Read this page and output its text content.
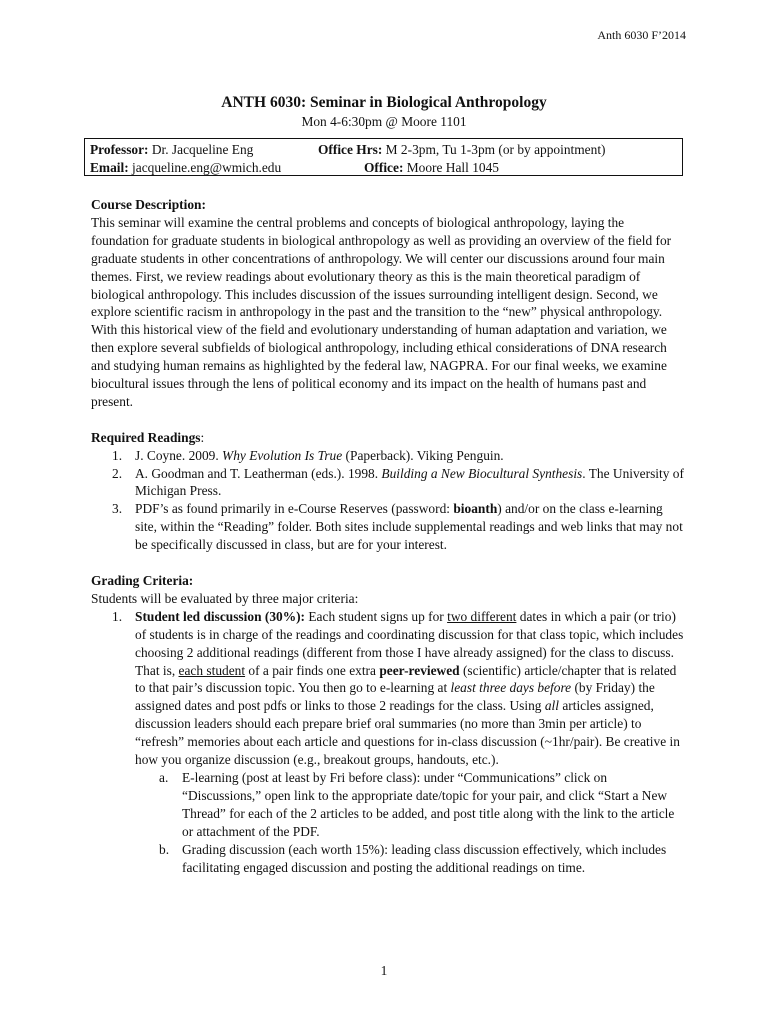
Anth 6030 F’2014
ANTH 6030: Seminar in Biological Anthropology
Mon 4-6:30pm @ Moore 1101
Professor: Dr. Jacqueline Eng	Office Hrs: M 2-3pm, Tu 1-3pm (or by appointment)
Email: jacqueline.eng@wmich.edu	Office: Moore Hall 1045
Course Description:

This seminar will examine the central problems and concepts of biological anthropology, laying the foundation for graduate students in biological anthropology as well as providing an overview of the field for graduate students in other concentrations of anthropology. We will center our discussions around four main themes. First, we review readings about evolutionary theory as this is the main theoretical paradigm of biological anthropology. This includes discussion of the issues surrounding intelligent design. Second, we explore scientific racism in anthropology in the past and the transition to the “new” physical anthropology. With this historical view of the field and evolutionary understanding of human adaptation and variation, we then explore several subfields of biological anthropology, including ethical considerations of DNA research and studying human remains as highlighted by the federal law, NAGPRA. For our final weeks, we examine biocultural issues through the lens of political economy and its impact on the health of humans past and present.

Required Readings:
1. J. Coyne. 2009. Why Evolution Is True (Paperback). Viking Penguin.
2. A. Goodman and T. Leatherman (eds.). 1998. Building a New Biocultural Synthesis. The University of Michigan Press.
3. PDF’s as found primarily in e-Course Reserves (password: bioanth) and/or on the class e-learning site, within the “Reading” folder. Both sites include supplemental readings and web links that may not be specifically discussed in class, but are for your interest.
Grading Criteria:

Students will be evaluated by three major criteria:

1. Student led discussion (30%): Each student signs up for two different dates in which a pair (or trio) of students is in charge of the readings and coordinating discussion for that class topic, which includes choosing 2 additional readings (different from those I have already assigned) for the class to discuss. That is, each student of a pair finds one extra peer-reviewed (scientific) article/chapter that is related to that pair’s discussion topic. You then go to e-learning at least three days before (by Friday) the assigned dates and post pdfs or links to those 2 readings for the class. Using all articles assigned, discussion leaders should each prepare brief oral summaries (no more than 3min per article) to “refresh” memories about each article and questions for in-class discussion (~1hr/pair). Be creative in how you organize discussion (e.g., breakout groups, handouts, etc.).
a. E-learning (post at least by Fri before class): under “Communications” click on “Discussions,” open link to the appropriate date/topic for your pair, and click “Start a New Thread” for each of the 2 articles to be added, and post title along with the link to the article or attachment of the PDF.
b. Grading discussion (each worth 15%): leading class discussion effectively, which includes facilitating engaged discussion and posting the additional readings on time.
1
